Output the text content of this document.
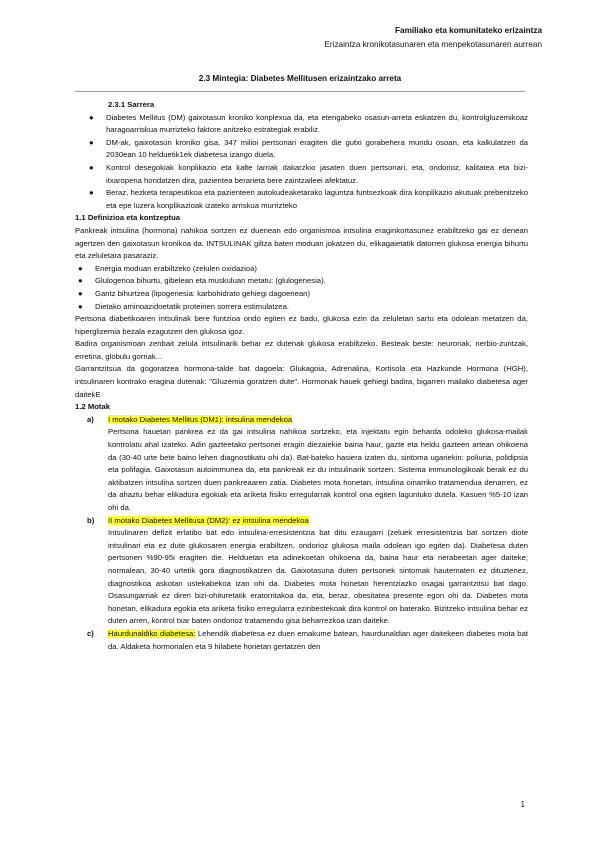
Familiako eta komunitateko erizaintza
Erizaintza kronikotasunaren eta menpekotasunaren aurrean
2.3 Mintegia: Diabetes Mellitusen erizaintzako arreta

2.3.1 Sarrera

● Diabetes Mellitus (DM) gaixotasun kroniko konplexua da, eta etengabeko osasun-arreta eskatzen du, kontrolgluzemikoaz haragoarriskua murrizteko faktore anitzeko estrategiak erabiliz.

● DM-ak, gaixotasun kroniko gisa, 347 milioi pertsonari eragiten die gutxi gorabehera mundu osoan, eta kalkulatzen da 2030ean 10 helduetik1ek diabetesa izango duela.

● Kontrol desegokiak konplikazio eta kalte larriak dakarzkio jasaten duen pertsonari, eta, ondorioz, kalitatea eta bizi-itxaropena hondatzen dira, pazientea berarieta bere zaintzaileei afektatuz.

● Beraz, hezketa terapeutikoa eta pazienteen autokudeaketarako laguntza funtsezkoak dira konplikazio akutuak prebenitzeko eta epe luzera konplikazioak izateko arriskua murrizteko

1.1 Definizioa eta kontzeptua

Pankreak intsulina (hormona) nahikoa sortzen ez duenean edo organismoa intsulina eraginkortasunez erabiltzeko gai ez denean agertzen den gaixotasun kronikoa da. INTSULINAK giltza baten moduan jokatzen du, elikagaietatik datorren glukosa energia bihurtu eta zeluletara pasaraziz.

● Energia moduan erabiltzeko (zelulen oxidazioa)

● Glulogenoa bihurtu, gibelean eta muskuluan metatu: (glulogenesia).

● Gantz bihurtzea (lipogenesia: karbohidrato gehiegi dagoenean)

● Dietako aminoazidoetatik proteinen sorrera estimulatzea.

Pertsona diabetikoaren intsulinak bere funtzioa ondo egiten ez badu, glukosa ezin da zeluletan sartu eta odolean metatzen da, hiperglizemia bezala ezagutzen den glukosa igoz.

Badira organismoan zenbait zelula intsulinarik behar ez dutenak glukosa erabiltzeko. Besteak beste: neuronak, nerbio-zuntzak, erretina, globulu gorriak...

Garrantzitsua da gogoratzea hormona-talde bat dagoela: Glukagoia, Adrenalina, Kortisola eta Hazkunde Hormona (HGH), intsulinaren kontrako eragina dutenak: "Gluzemia goratzen dute". Hormonak hauek gehiegi badira, bigarren mailako diabetesa ager daitekE

1.2 Motak

a) I motako Diabetes Mellitus (DM1): intsulina mendekoa
Pertsona hauetan pankrea ez da gai intsulina nahikoa sortzeko, eta injektatu egin beharda odoleko glukosa-mailak kontrolatu ahal izateko. Adin gazteetako pertsonei eragin diezaiekie baina haur, gazte eta heldu gazteen artean ohikoena da (30-40 urte bete baino lehen diagnostikatu ohi da). Bat-bateko hasiera izaten du, sintoma ugariekin: poliuria, polidipsia eta polifagia. Gaixotasun autoimmunea da, eta pankreak ez du intsulinarik sortzen. Sistema immunologikoak berak ez du aktibatzen intsulina sortzen duen pankreaaren zatia. Diabetes mota honetan, intsulina oinarriko tratamendua denarren, ez da ahaztu behar elikadura egokiak eta ariketa fisiko erregularrak kontrol ona egiten laguntuko dutela. Kasuen %5-10 izan ohi da.

b) II motako Diabetes Mellitusa (DM2): ez intsulina mendekoa
Intsulinaren defizit erlatibo bat edo intsulina-erresistentzia bat ditu ezaugarri (zeluek erresistentzia bat sortzen diote intsulinari eta ez dute glukosaren energia erabiltzen, ondorioz glukosa maila odolean igo egiten da). Diabetesa duten pertsonen %90-95i eragiten die. Helduetan eta adinekoetan ohikoena da, baina haur eta nerabeetan ager daiteke; normalean, 30-40 urtetik gora diagnostikatzen da. Gaixotasuna duten pertsonek sintomak hautematen ez dituztenez, diagnostikoa askotan ustekabekoa izan ohi da. Diabetes mota honetan herentziazko osagai garrantzitsu bat dago. Osasungarriak ez diren bizi-ohituretatik eratorritakoa da, eta, beraz, obesitatea presente egon ohi da. Diabetes mota honetan, elikadura egokia eta ariketa fisiko erregularra ezinbestekoak dira kontrol on baterako. Bizitzeko intsulina behar ez duten arren, kontrol txar baten ondorioz tratamendu gisa beharrezkoa izan daiteke.

c) Haurdunaldiko diabetesa: Lehendik diabetesa ez duen emakume batean, haurdunaldian ager daitekeen diabetes mota bat da. Aldaketa hormonalen eta 9 hilabete horietan gertatzen den

1
